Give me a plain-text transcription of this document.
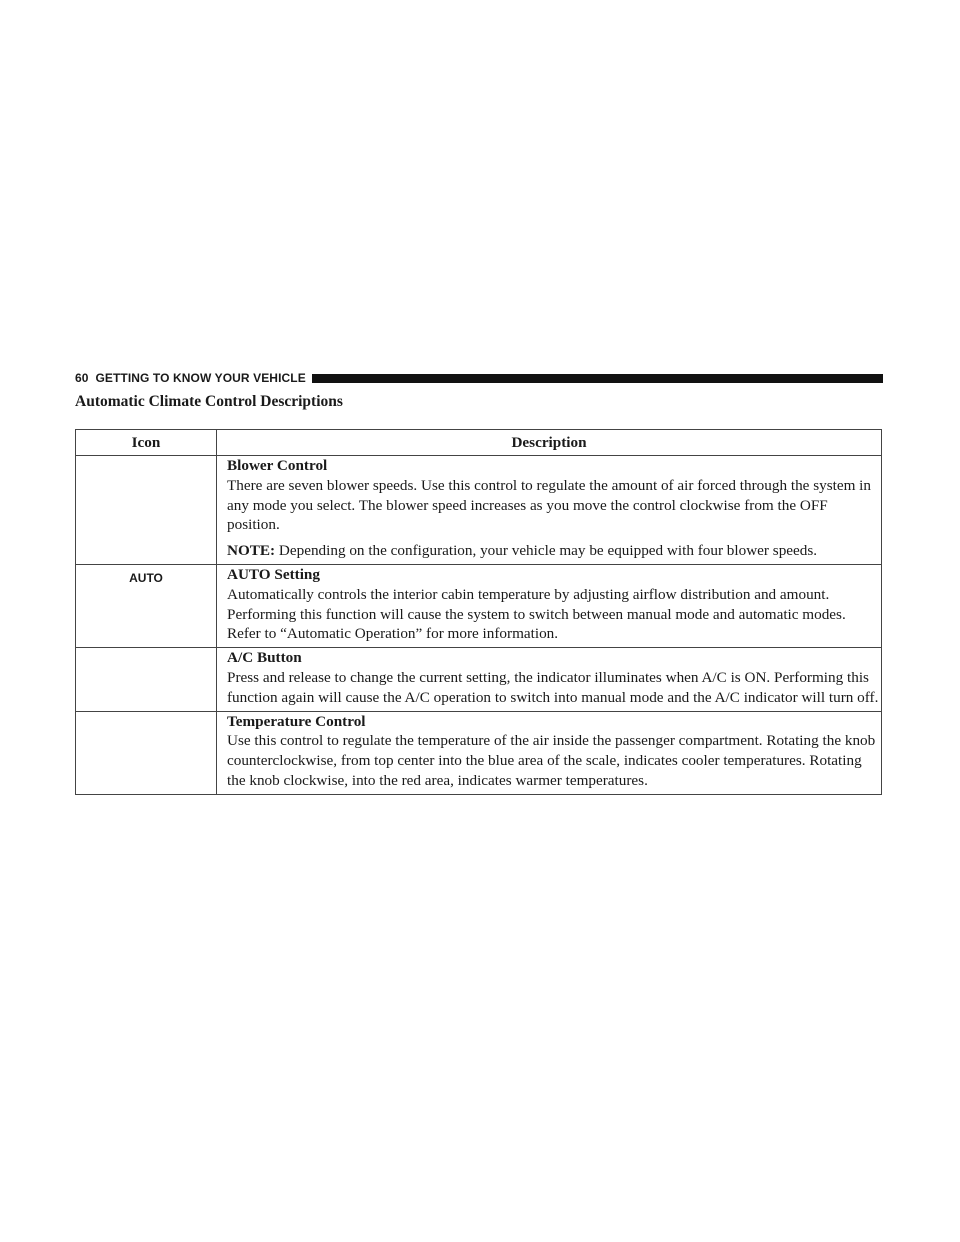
60 GETTING TO KNOW YOUR VEHICLE
Automatic Climate Control Descriptions
Icon	Description

	Blower Control
There are seven blower speeds. Use this control to regulate the amount of air forced through the system in any mode you select. The blower speed increases as you move the control clockwise from the OFF position.
NOTE: Depending on the configuration, your vehicle may be equipped with four blower speeds.

AUTO	AUTO Setting
Automatically controls the interior cabin temperature by adjusting airflow distribution and amount. Performing this function will cause the system to switch between manual mode and automatic modes. Refer to “Automatic Operation” for more information.

	A/C Button
Press and release to change the current setting, the indicator illuminates when A/C is ON. Performing this function again will cause the A/C operation to switch into manual mode and the A/C indicator will turn off.

	Temperature Control
Use this control to regulate the temperature of the air inside the passenger compartment. Rotating the knob counterclockwise, from top center into the blue area of the scale, indicates cooler temperatures. Rotating the knob clockwise, into the red area, indicates warmer temperatures.
